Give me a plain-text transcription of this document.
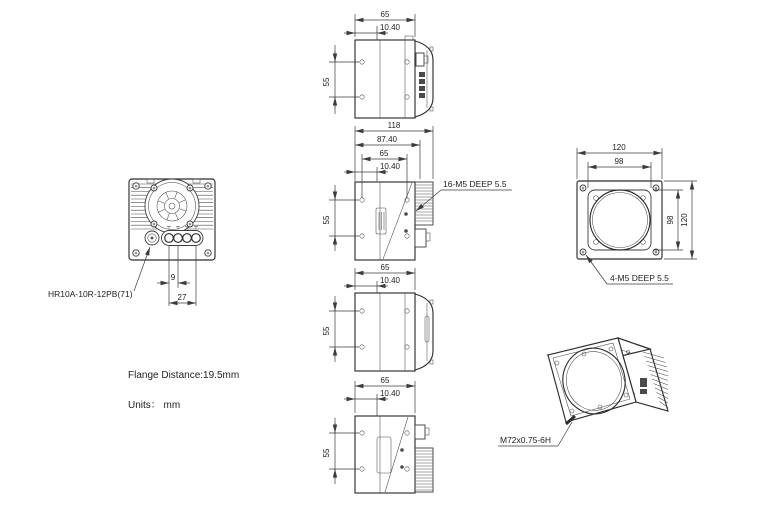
9
27
HR10A-10R-12PB(71)
65
10.40
55
118
87.40
65
10.40
55
16-M5 DEEP 5.5
65
10.40
55
65
10.40
55
120
98
98 120
4-M5 DEEP 5.5
M72x0.75-6H
Flange Distance:19.5mm
Units： mm
